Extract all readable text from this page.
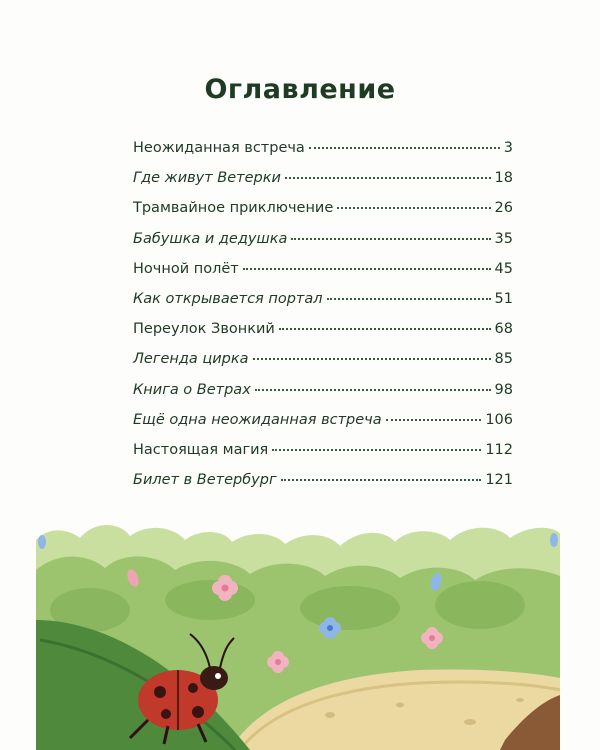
Оглавление
Неожиданная встреча	3
Где живут Ветерки	18
Трамвайное приключение	26
Бабушка и дедушка	35
Ночной полёт	45
Как открывается портал	51
Переулок Звонкий	68
Легенда цирка	85
Книга о Ветрах	98
Ещё одна неожиданная встреча	106
Настоящая магия	112
Билет в Ветербург	121
